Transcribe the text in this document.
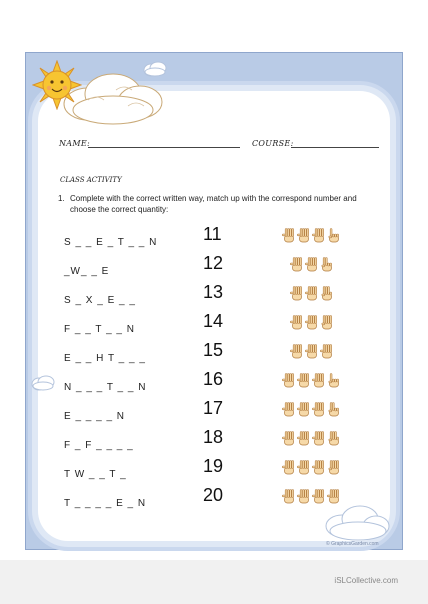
NAME:	COURSE:
CLASS ACTIVITY
1. Complete with the correct written way, match up with the correspond number and choose the correct quantity:
S _ _ E _ T _ _ N
_W_ _ E
S _ X _ E _ _
F _ _ T _ _ N
E _ _ H T _ _ _
N _ _ _ T _ _ N
E _ _ _ _ N
F _ F _ _ _ _
T W _ _ T _
T _ _ _ _ E _ N
11
12
13
14
15
16
17
18
19
20
© GraphicsGarden.com
iSLCollective.com
